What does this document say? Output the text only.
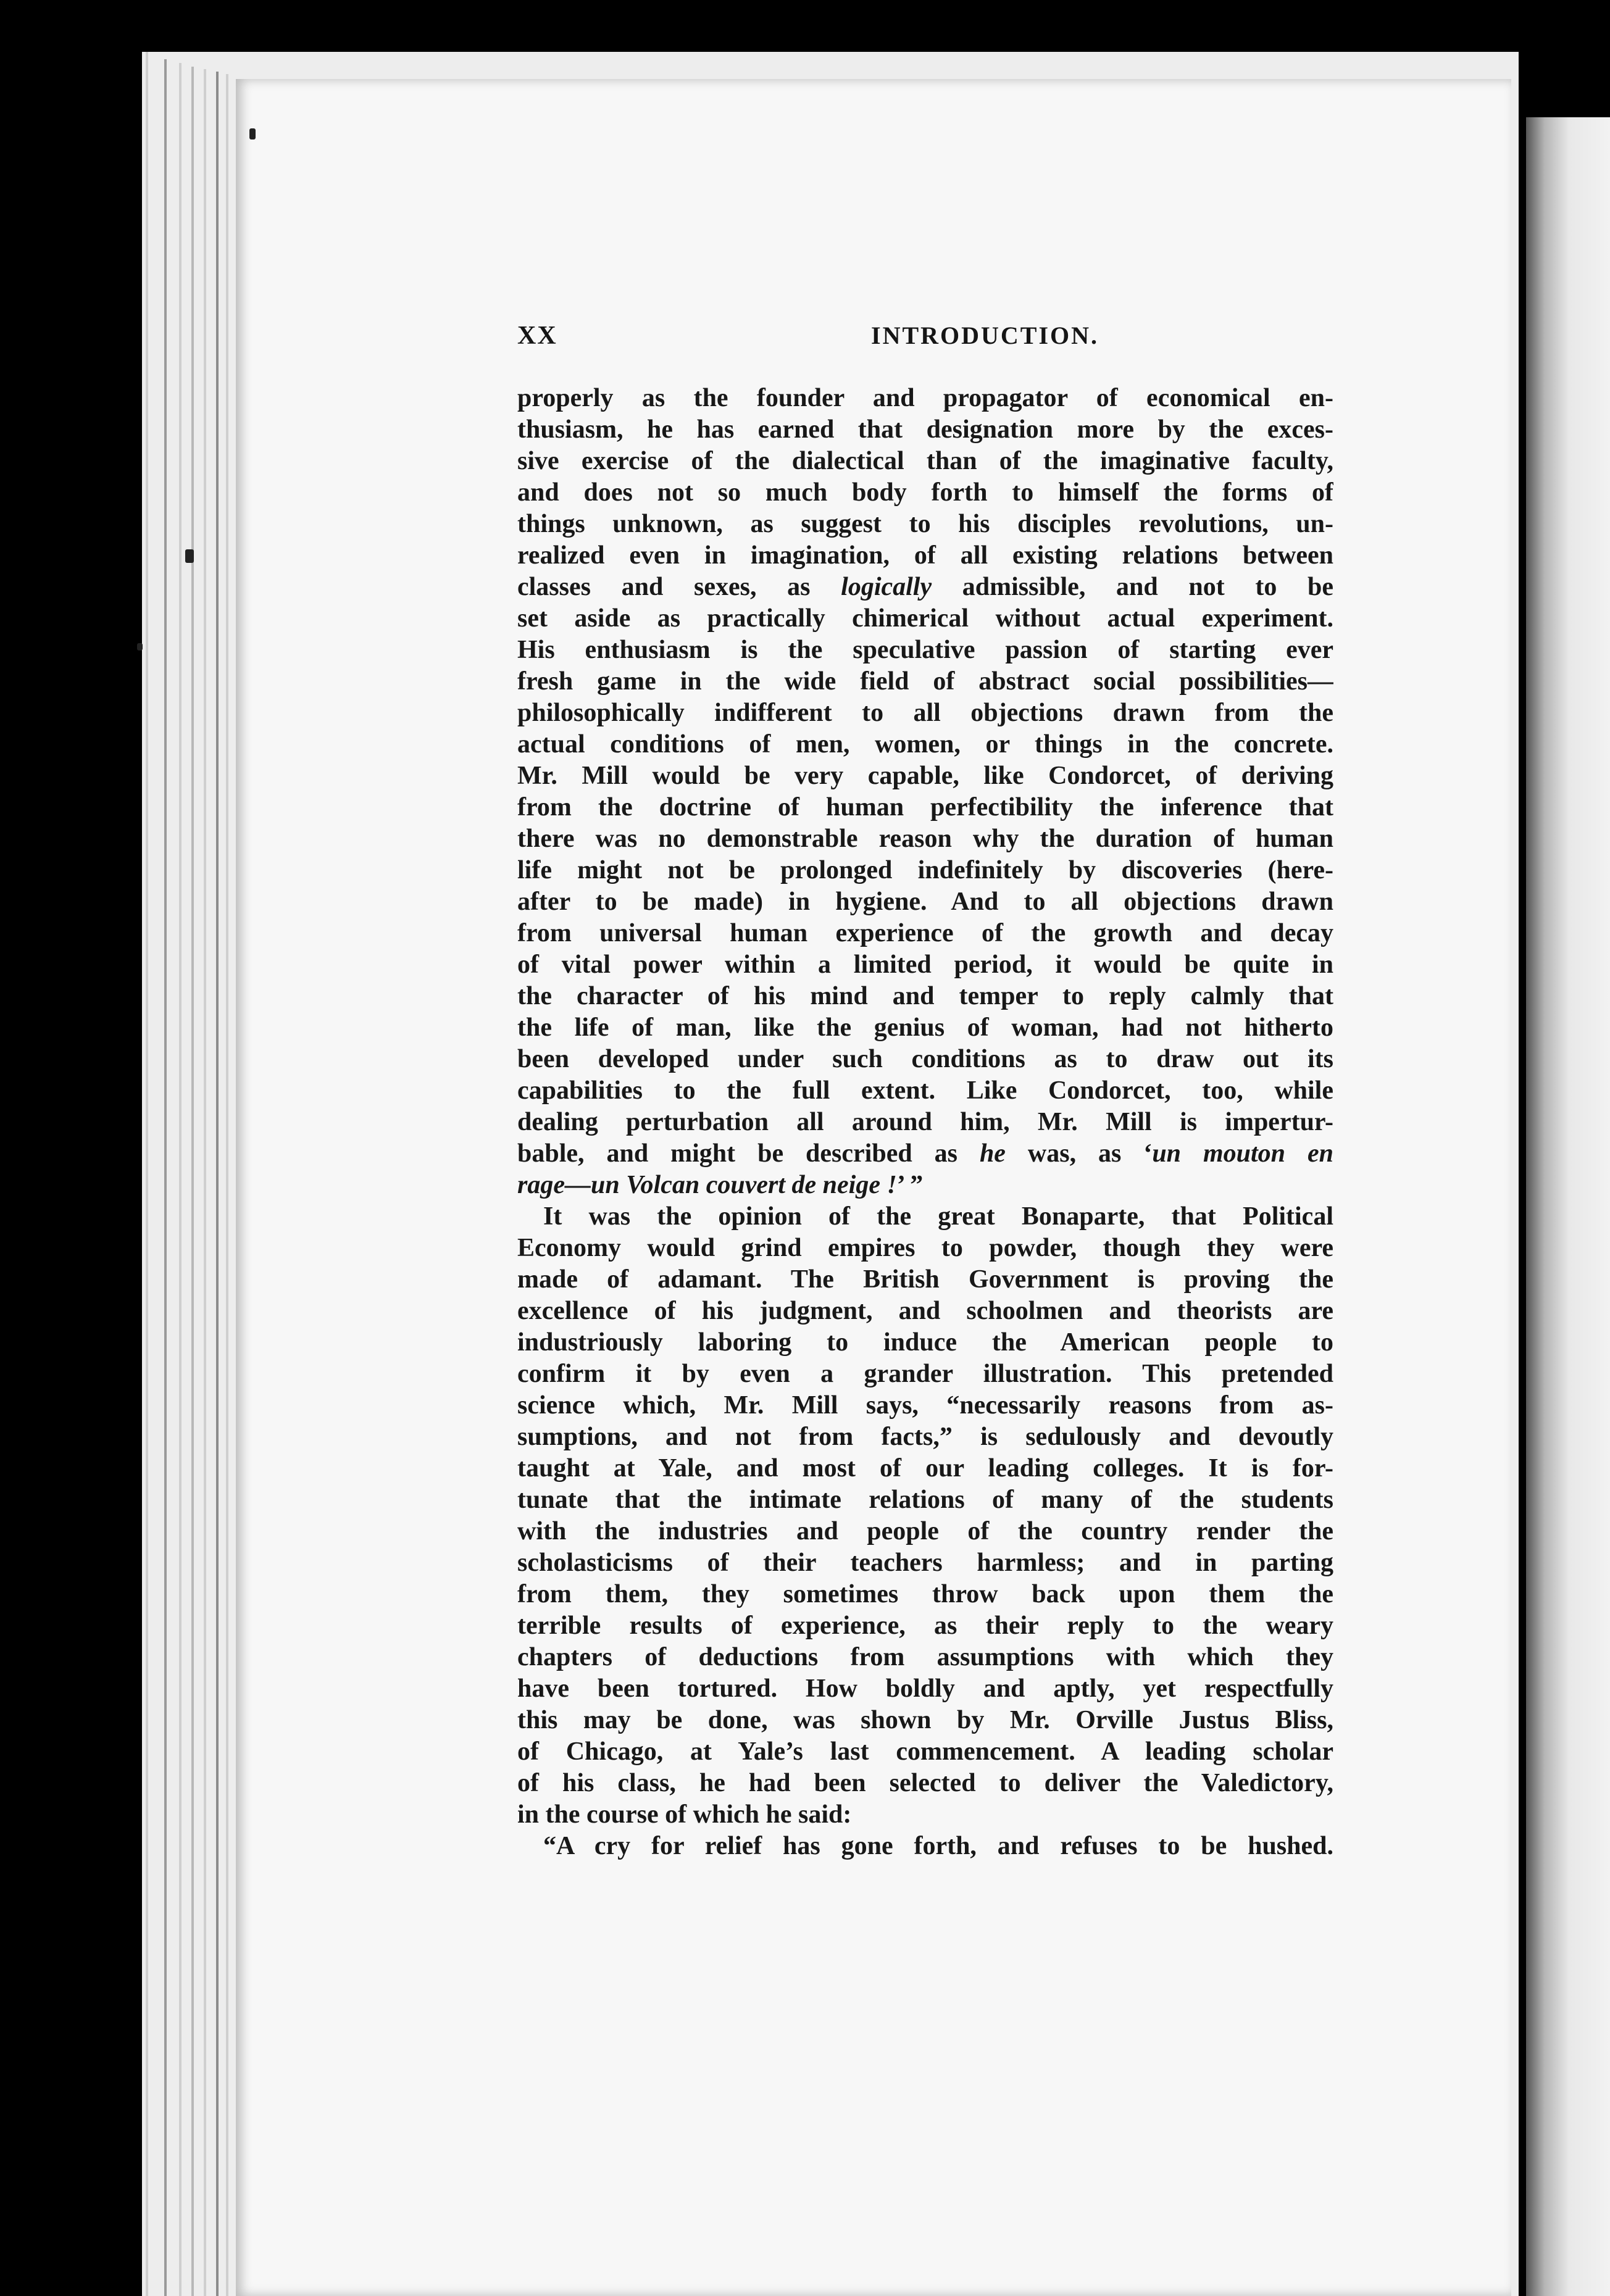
XX	INTRODUCTION.
properly as the founder and propagator of economical en-
thusiasm, he has earned that designation more by the exces-
sive exercise of the dialectical than of the imaginative faculty,
and does not so much body forth to himself the forms of
things unknown, as suggest to his disciples revolutions, un-
realized even in imagination, of all existing relations between
classes and sexes, as logically admissible, and not to be
set aside as practically chimerical without actual experiment.
His enthusiasm is the speculative passion of starting ever
fresh game in the wide field of abstract social possibilities—
philosophically indifferent to all objections drawn from the
actual conditions of men, women, or things in the concrete.
Mr. Mill would be very capable, like Condorcet, of deriving
from the doctrine of human perfectibility the inference that
there was no demonstrable reason why the duration of human
life might not be prolonged indefinitely by discoveries (here-
after to be made) in hygiene. And to all objections drawn
from universal human experience of the growth and decay
of vital power within a limited period, it would be quite in
the character of his mind and temper to reply calmly that
the life of man, like the genius of woman, had not hitherto
been developed under such conditions as to draw out its
capabilities to the full extent. Like Condorcet, too, while
dealing perturbation all around him, Mr. Mill is impertur-
bable, and might be described as he was, as ‘un mouton en
rage—un Volcan couvert de neige !’ ”
It was the opinion of the great Bonaparte, that Political
Economy would grind empires to powder, though they were
made of adamant. The British Government is proving the
excellence of his judgment, and schoolmen and theorists are
industriously laboring to induce the American people to
confirm it by even a grander illustration. This pretended
science which, Mr. Mill says, “necessarily reasons from as-
sumptions, and not from facts,” is sedulously and devoutly
taught at Yale, and most of our leading colleges. It is for-
tunate that the intimate relations of many of the students
with the industries and people of the country render the
scholasticisms of their teachers harmless; and in parting
from them, they sometimes throw back upon them the
terrible results of experience, as their reply to the weary
chapters of deductions from assumptions with which they
have been tortured. How boldly and aptly, yet respectfully
this may be done, was shown by Mr. Orville Justus Bliss,
of Chicago, at Yale’s last commencement. A leading scholar
of his class, he had been selected to deliver the Valedictory,
in the course of which he said:
“A cry for relief has gone forth, and refuses to be hushed.
